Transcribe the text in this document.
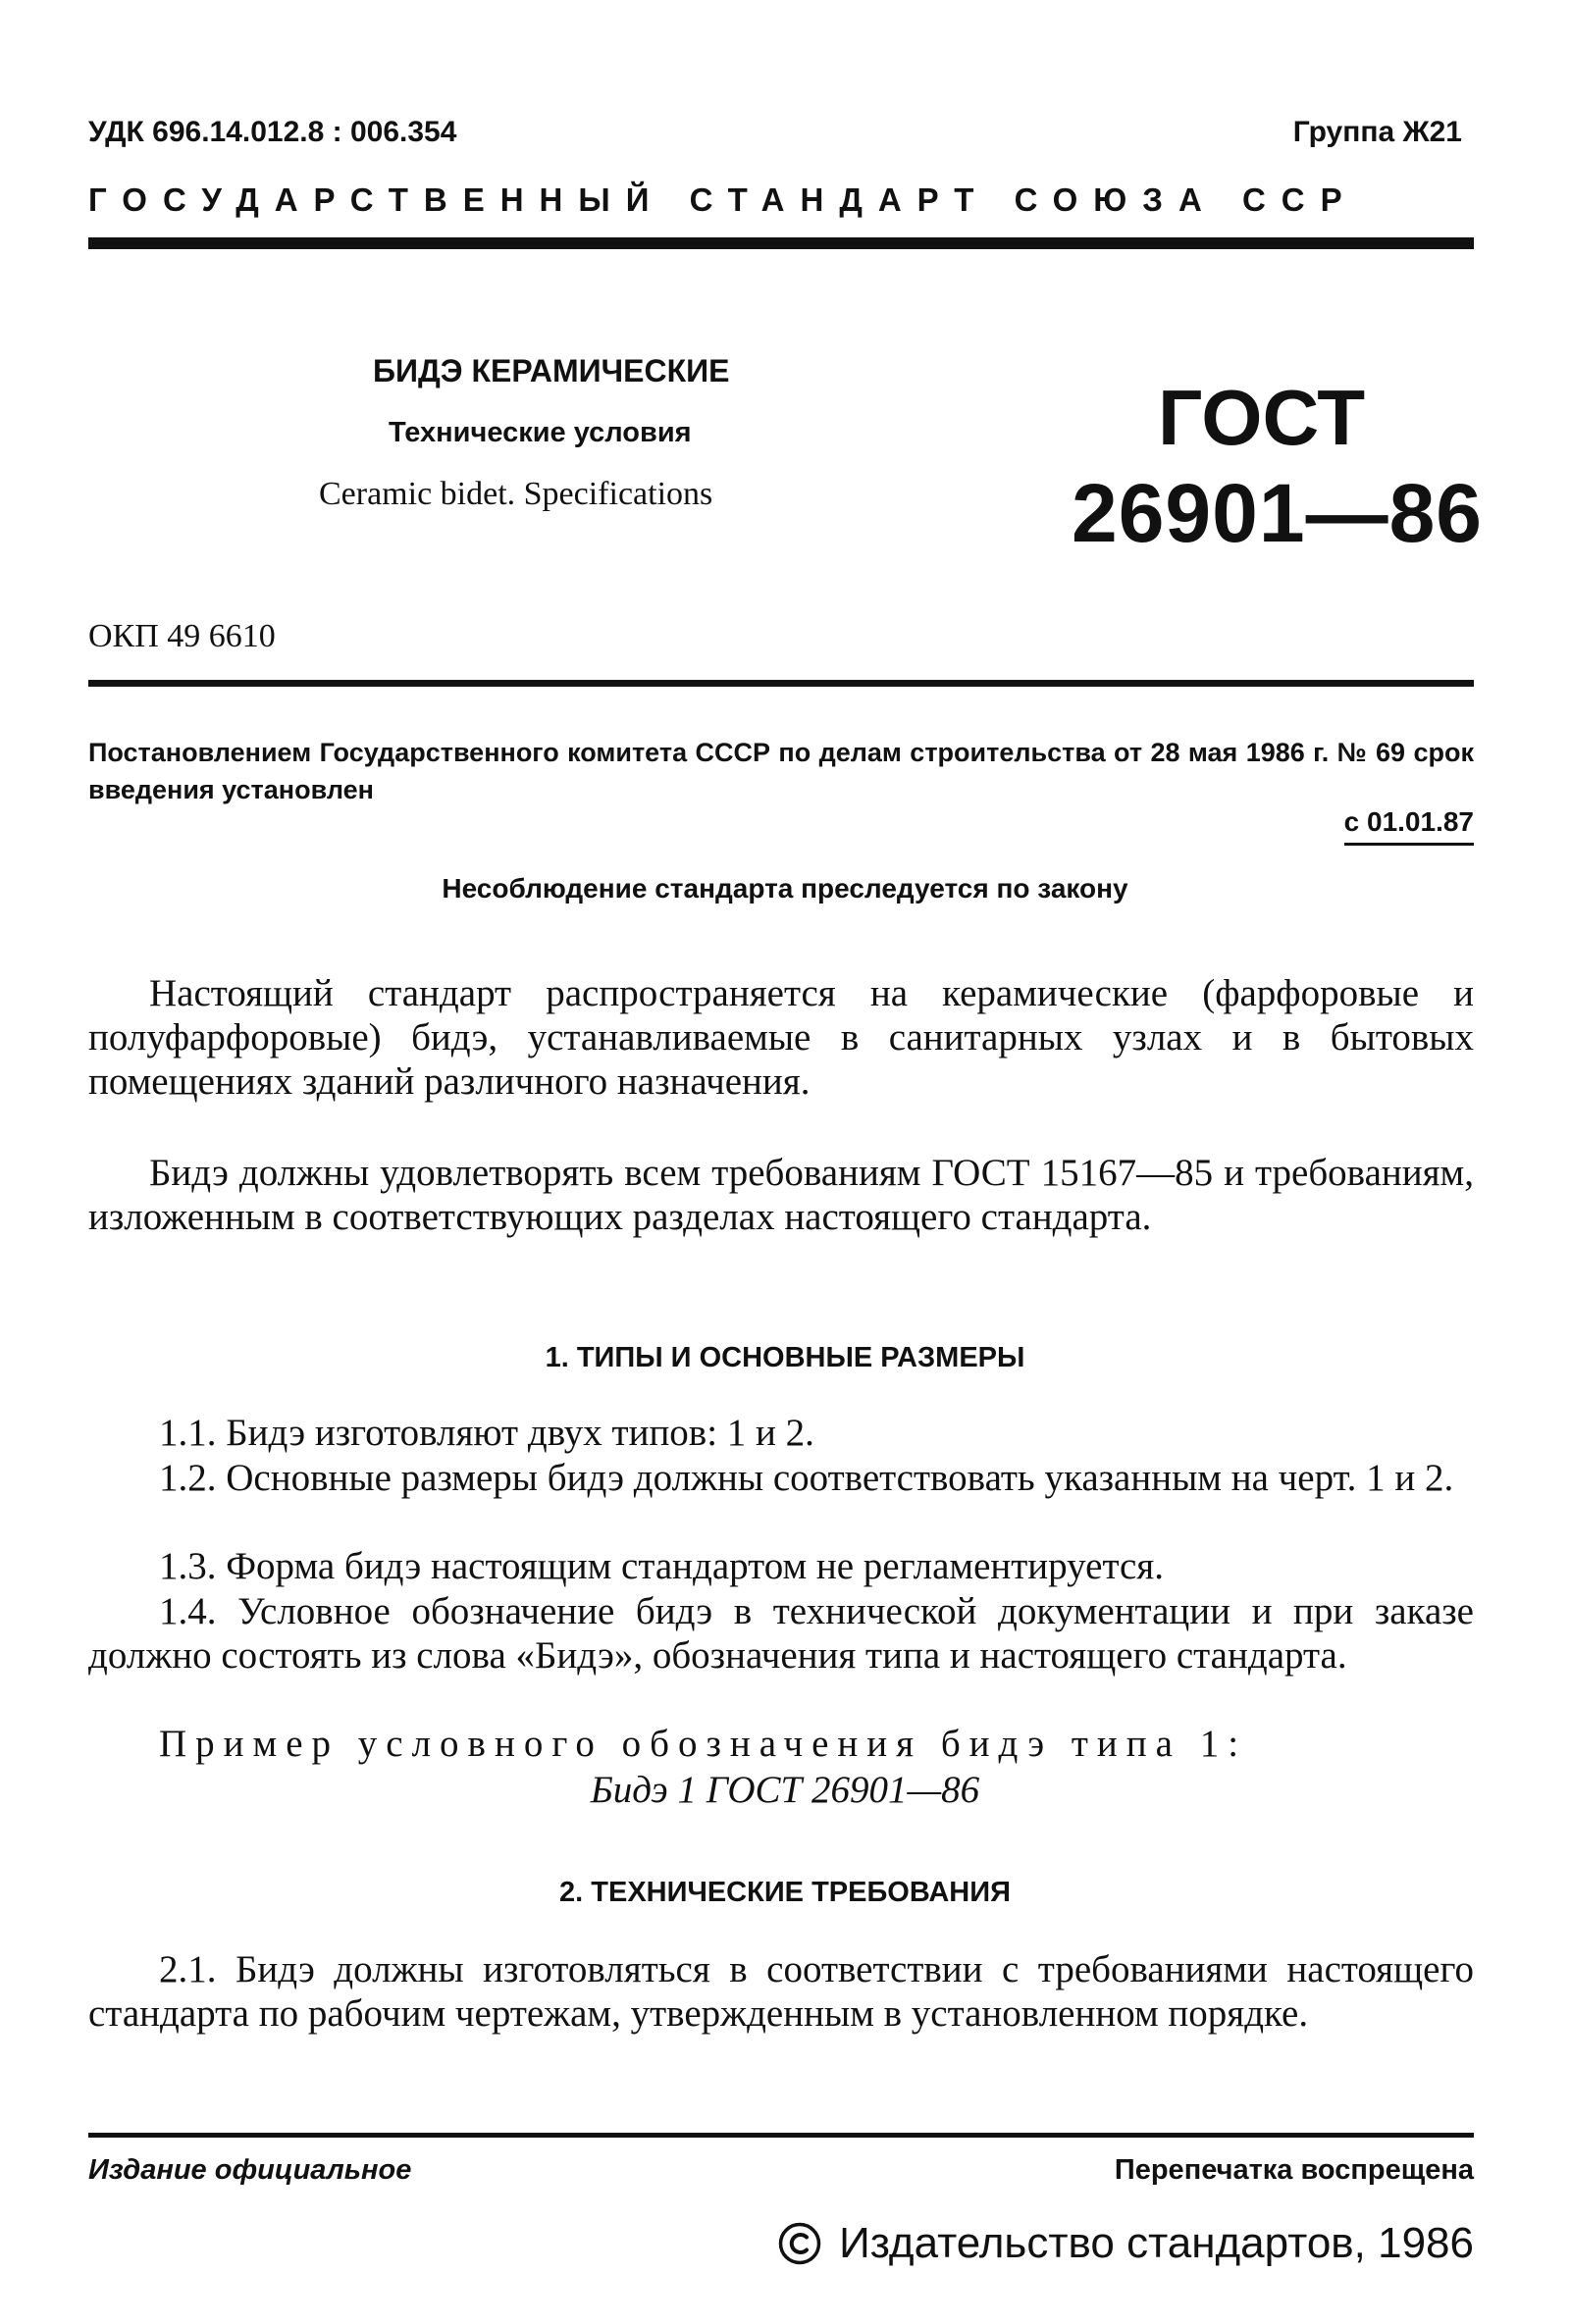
УДК 696.14.012.8 : 006.354	Группа Ж21
ГОСУДАРСТВЕННЫЙ СТАНДАРТ СОЮЗА ССР
БИДЭ КЕРАМИЧЕСКИЕ
Технические условия
Ceramic bidet. Specifications
ГОСТ
26901—86
ОКП 49 6610
Постановлением Государственного комитета СССР по делам строительства от 28 мая 1986 г. № 69 срок введения установлен
с 01.01.87
Несоблюдение стандарта преследуется по закону
Настоящий стандарт распространяется на керамические (фарфоровые и полуфарфоровые) бидэ, устанавливаемые в санитарных узлах и в бытовых помещениях зданий различного назначения.
Бидэ должны удовлетворять всем требованиям ГОСТ 15167—85 и требованиям, изложенным в соответствующих разделах настоящего стандарта.
1. ТИПЫ И ОСНОВНЫЕ РАЗМЕРЫ
1.1. Бидэ изготовляют двух типов: 1 и 2.
1.2. Основные размеры бидэ должны соответствовать указанным на черт. 1 и 2.
1.3. Форма бидэ настоящим стандартом не регламентируется.
1.4. Условное обозначение бидэ в технической документации и при заказе должно состоять из слова «Бидэ», обозначения типа и настоящего стандарта.
Пример условного обозначения бидэ типа 1:
Бидэ 1 ГОСТ 26901—86
2. ТЕХНИЧЕСКИЕ ТРЕБОВАНИЯ
2.1. Бидэ должны изготовляться в соответствии с требованиями настоящего стандарта по рабочим чертежам, утвержденным в установленном порядке.
Издание официальное	Перепечатка воспрещена
Издательство стандартов, 1986
